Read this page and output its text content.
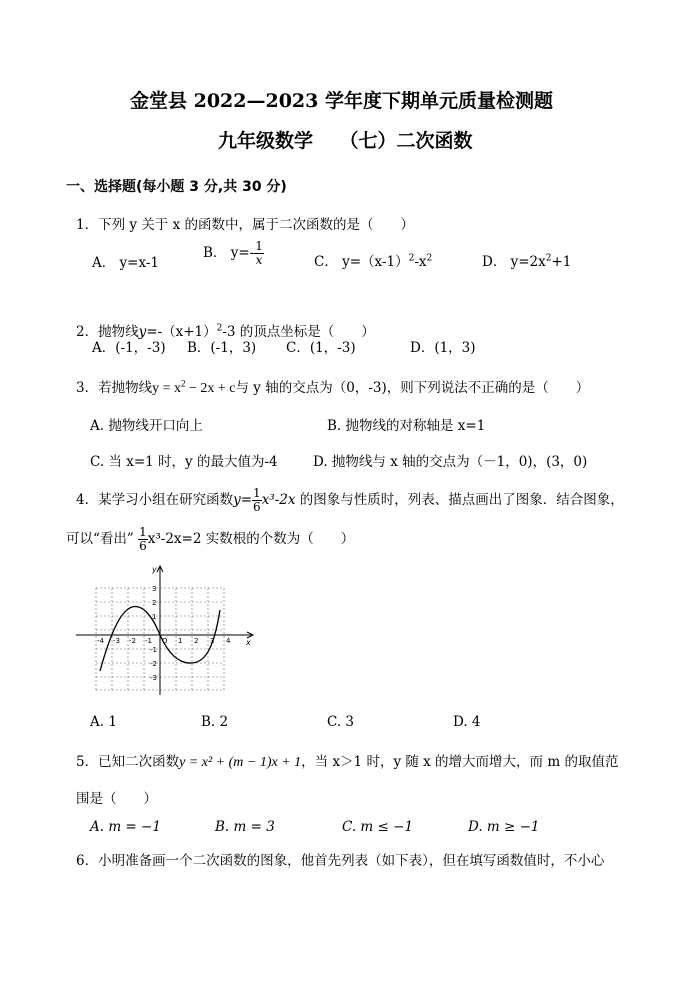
金堂县 2022—2023 学年度下期单元质量检测题
九年级数学    （七）二次函数
一、选择题(每小题 3 分,共 30 分)
1．下列 y 关于 x 的函数中，属于二次函数的是（　　）
A． y=x-1
B． $y=- \frac{1}{x}$	C． $y=(x-1)^2-x^2$	D． $y=2x^2+1$
2．抛物线$y=-(x+1)^2-3$ 的顶点坐标是（　　）
A．(-1，-3) B．(-1，3) C．(1，-3)	D．(1，3)
3．若抛物线$y = x^2 - 2x + c$与 y 轴的交点为（0，-3)，则下列说法不正确的是（　　）
A. 抛物线开口向上	B. 抛物线的对称轴是 x=1
C. 当 x=1 时，y 的最大值为-4	D. 抛物线与 x 轴的交点为（－1，0)，(3，0)
4．某学习小组在研究函数$y= \frac{1}{6} x^3-2x$ 的图象与性质时，列表、描点画出了图象．结合图象，
可以“看出” $\frac{1}{6} x^3-2x=2$ 实数根的个数为（　　）
x
y
O
-4 -3 -2 -1	1 2 3 4
3
2
1
-1
-2
-3
A. 1	B. 2	C. 3	D. 4
5．已知二次函数y = x² + (m − 1)x + 1，当 x＞1 时，y 随 x 的增大而增大，而 m 的取值范
围是（　　）
A. m = −1	B. m = 3	C. m ≤ −1	D. m ≥ −1
6．小明准备画一个二次函数的图象，他首先列表（如下表），但在填写函数值时，不小心
